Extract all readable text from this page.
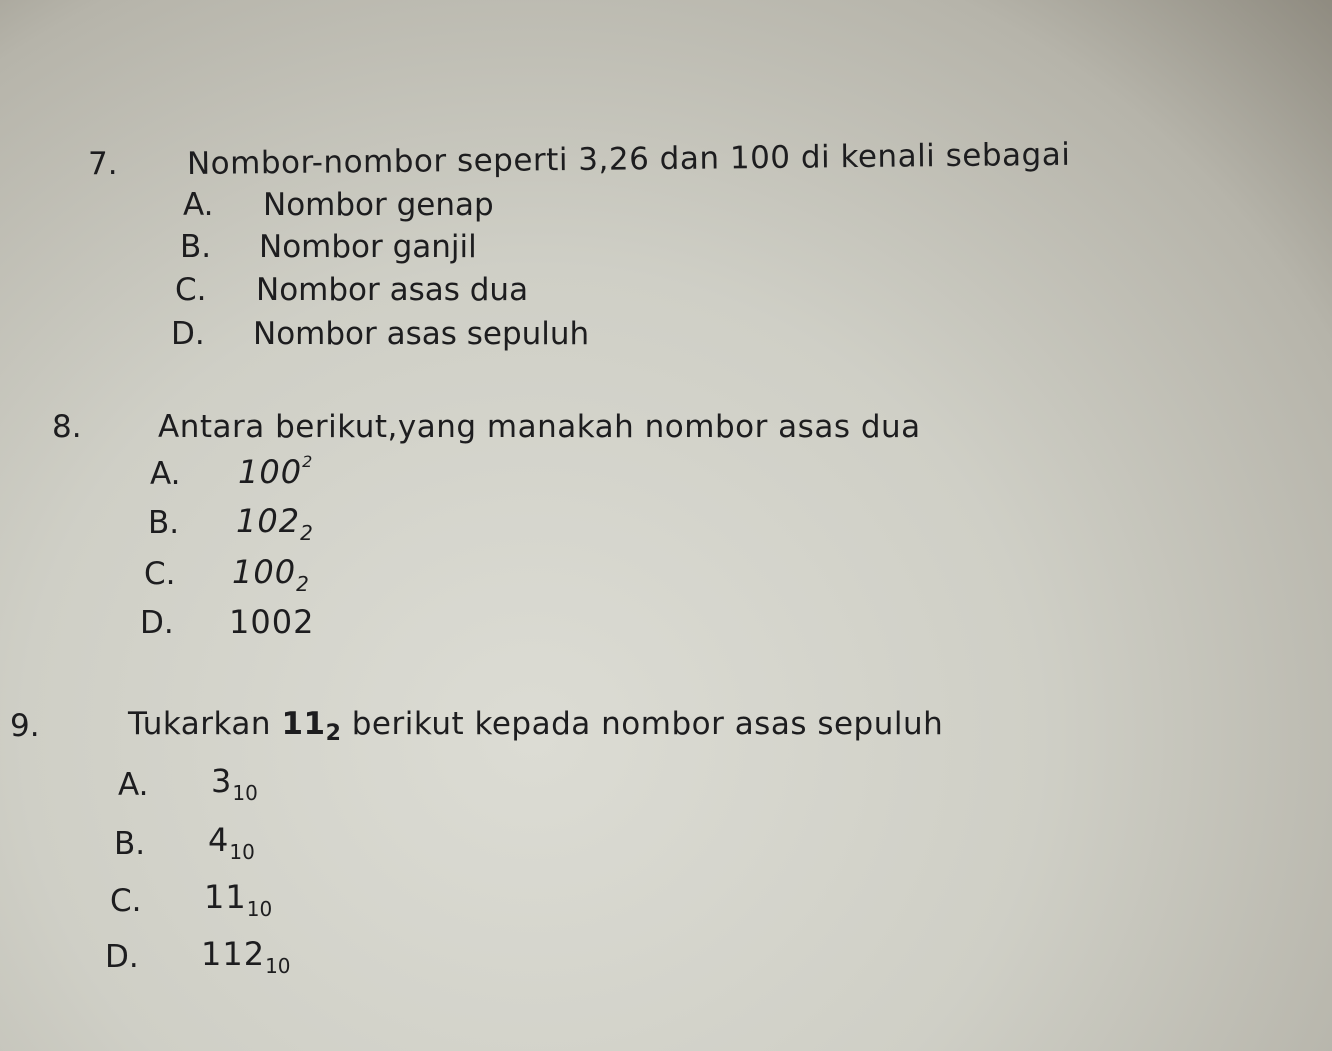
7. Nombor-nombor seperti 3,26 dan 100 di kenali sebagai
A. Nombor genap
B. Nombor ganjil
C. Nombor asas dua
D. Nombor asas sepuluh
8. Antara berikut,yang manakah nombor asas dua
A. $100^2$
B. $102_2$
C. $100_2$
D. 1002
9.	Tukarkan 112 berikut kepada nombor asas sepuluh
A. $3_{10}$
B. $4_{10}$
C. $11_{10}$
D. $112_{10}$
